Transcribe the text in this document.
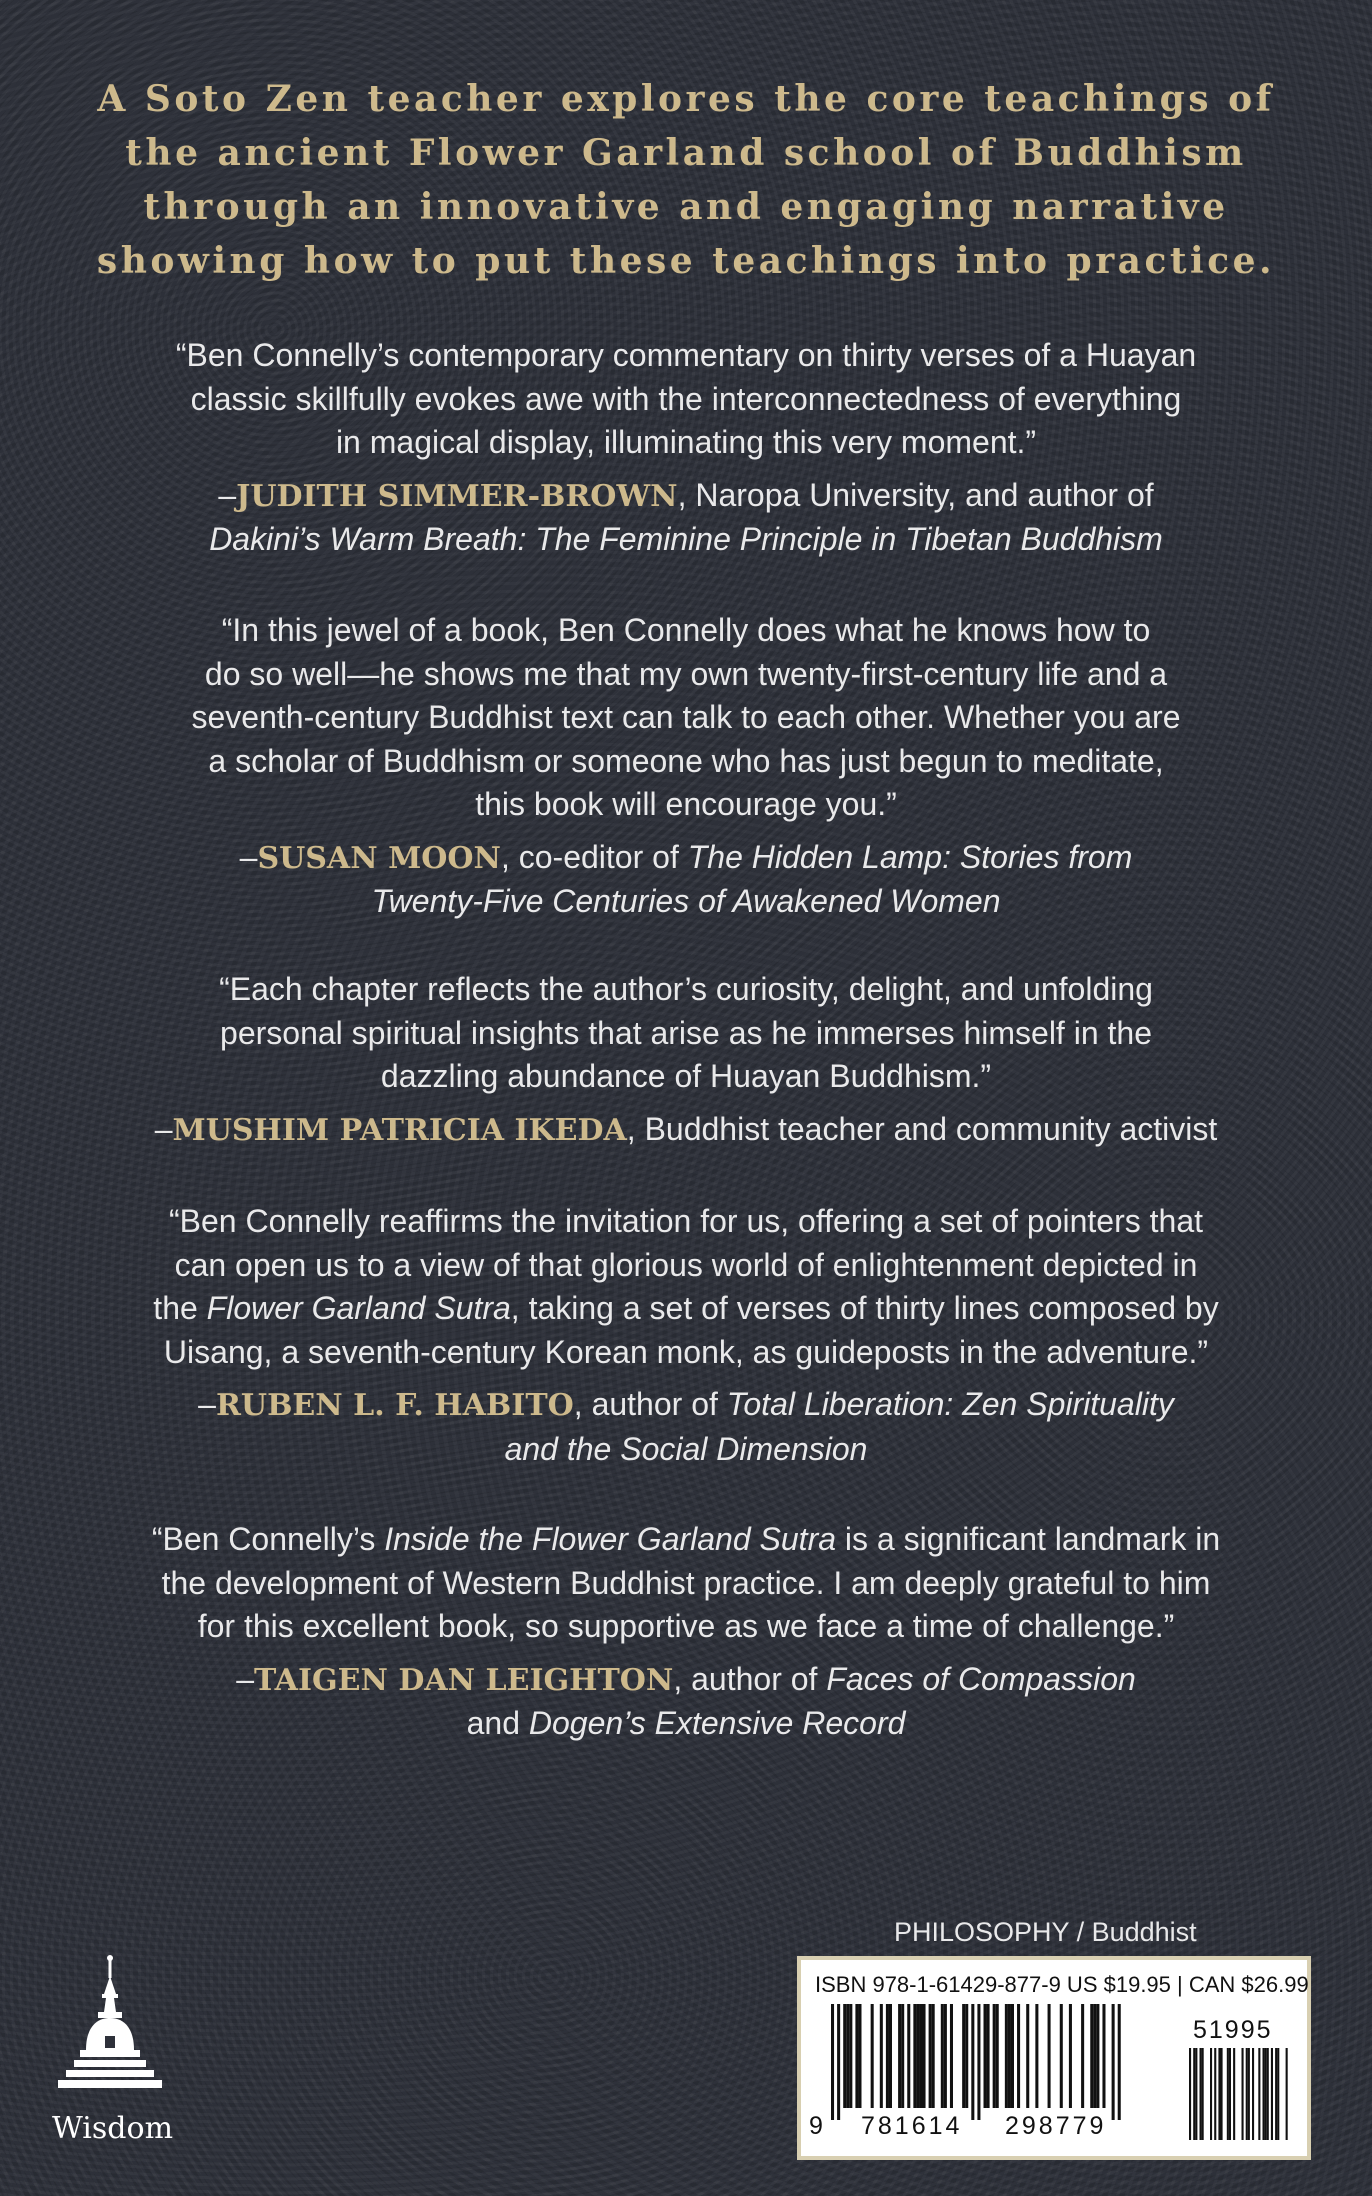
A Soto Zen teacher explores the core teachings of
the ancient Flower Garland school of Buddhism
through an innovative and engaging narrative
showing how to put these teachings into practice.

“Ben Connelly’s contemporary commentary on thirty verses of a Huayan
classic skillfully evokes awe with the interconnectedness of everything
in magical display, illuminating this very moment.”

–JUDITH SIMMER-BROWN, Naropa University, and author of
Dakini’s Warm Breath: The Feminine Principle in Tibetan Buddhism

“In this jewel of a book, Ben Connelly does what he knows how to
do so well—he shows me that my own twenty-first-century life and a
seventh-century Buddhist text can talk to each other. Whether you are
a scholar of Buddhism or someone who has just begun to meditate,
this book will encourage you.”

–SUSAN MOON, co-editor of The Hidden Lamp: Stories from
Twenty-Five Centuries of Awakened Women

“Each chapter reflects the author’s curiosity, delight, and unfolding
personal spiritual insights that arise as he immerses himself in the
dazzling abundance of Huayan Buddhism.”

–MUSHIM PATRICIA IKEDA, Buddhist teacher and community activist

“Ben Connelly reaffirms the invitation for us, offering a set of pointers that
can open us to a view of that glorious world of enlightenment depicted in
the Flower Garland Sutra, taking a set of verses of thirty lines composed by
Uisang, a seventh-century Korean monk, as guideposts in the adventure.”

–RUBEN L. F. HABITO, author of Total Liberation: Zen Spirituality
and the Social Dimension

“Ben Connelly’s Inside the Flower Garland Sutra is a significant landmark in
the development of Western Buddhist practice. I am deeply grateful to him
for this excellent book, so supportive as we face a time of challenge.”

–TAIGEN DAN LEIGHTON, author of Faces of Compassion
and Dogen’s Extensive Record

PHILOSOPHY / Buddhist
ISBN 978-1-61429-877-9 US $19.95 | CAN $26.99
9 781614 298779
51995
Wisdom
